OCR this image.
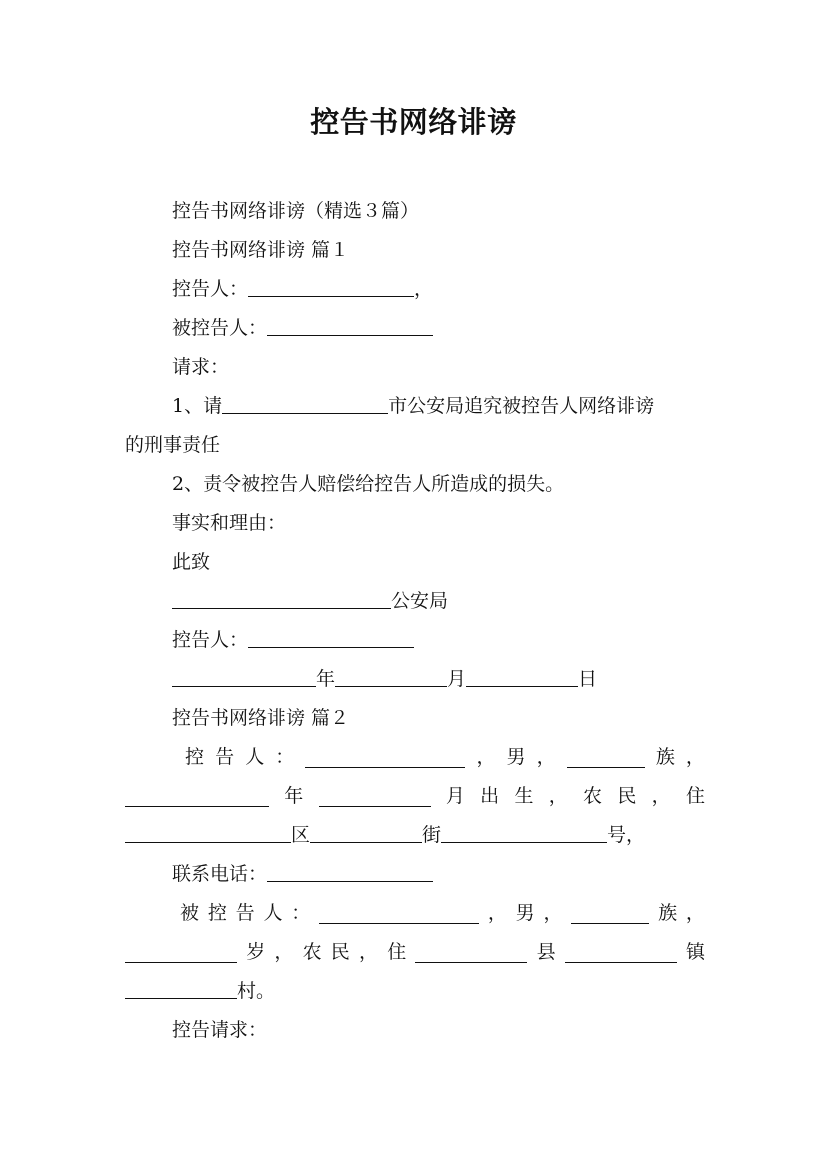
控告书网络诽谤
控告书网络诽谤（精选３篇）
控告书网络诽谤 篇１
控告人：	，
被控告人：
请求：
1、请	市公安局追究被控告人网络诽谤
的刑事责任
2、责令被控告人赔偿给控告人所造成的损失。
事实和理由：
此致
公安局
控告人：
年	月	日
控告书网络诽谤 篇２
控 告 人 ：	， 男 ，	族 ，
年	月 出 生 ， 农 民 ， 住
区	街	号，
联系电话：
被 控 告 人 ：	， 男 ，	族 ，
岁 ， 农 民 ， 住	县	镇
村。
控告请求：
